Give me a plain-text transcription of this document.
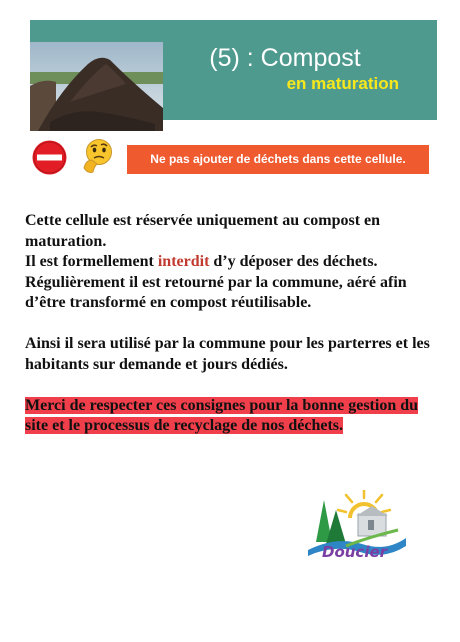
(5) : Compost
en maturation
Ne pas ajouter de déchets dans cette cellule.

Cette cellule est réservée uniquement au compost en maturation.

Il est formellement interdit d’y déposer des déchets.

Régulièrement il est retourné par la commune, aéré afin d’être transformé en compost réutilisable.

Ainsi il sera utilisé par la commune pour les parterres et les habitants sur demande et jours dédiés.

Merci de respecter ces consignes pour la bonne gestion du site et le processus de recyclage de nos déchets.

Doucier
